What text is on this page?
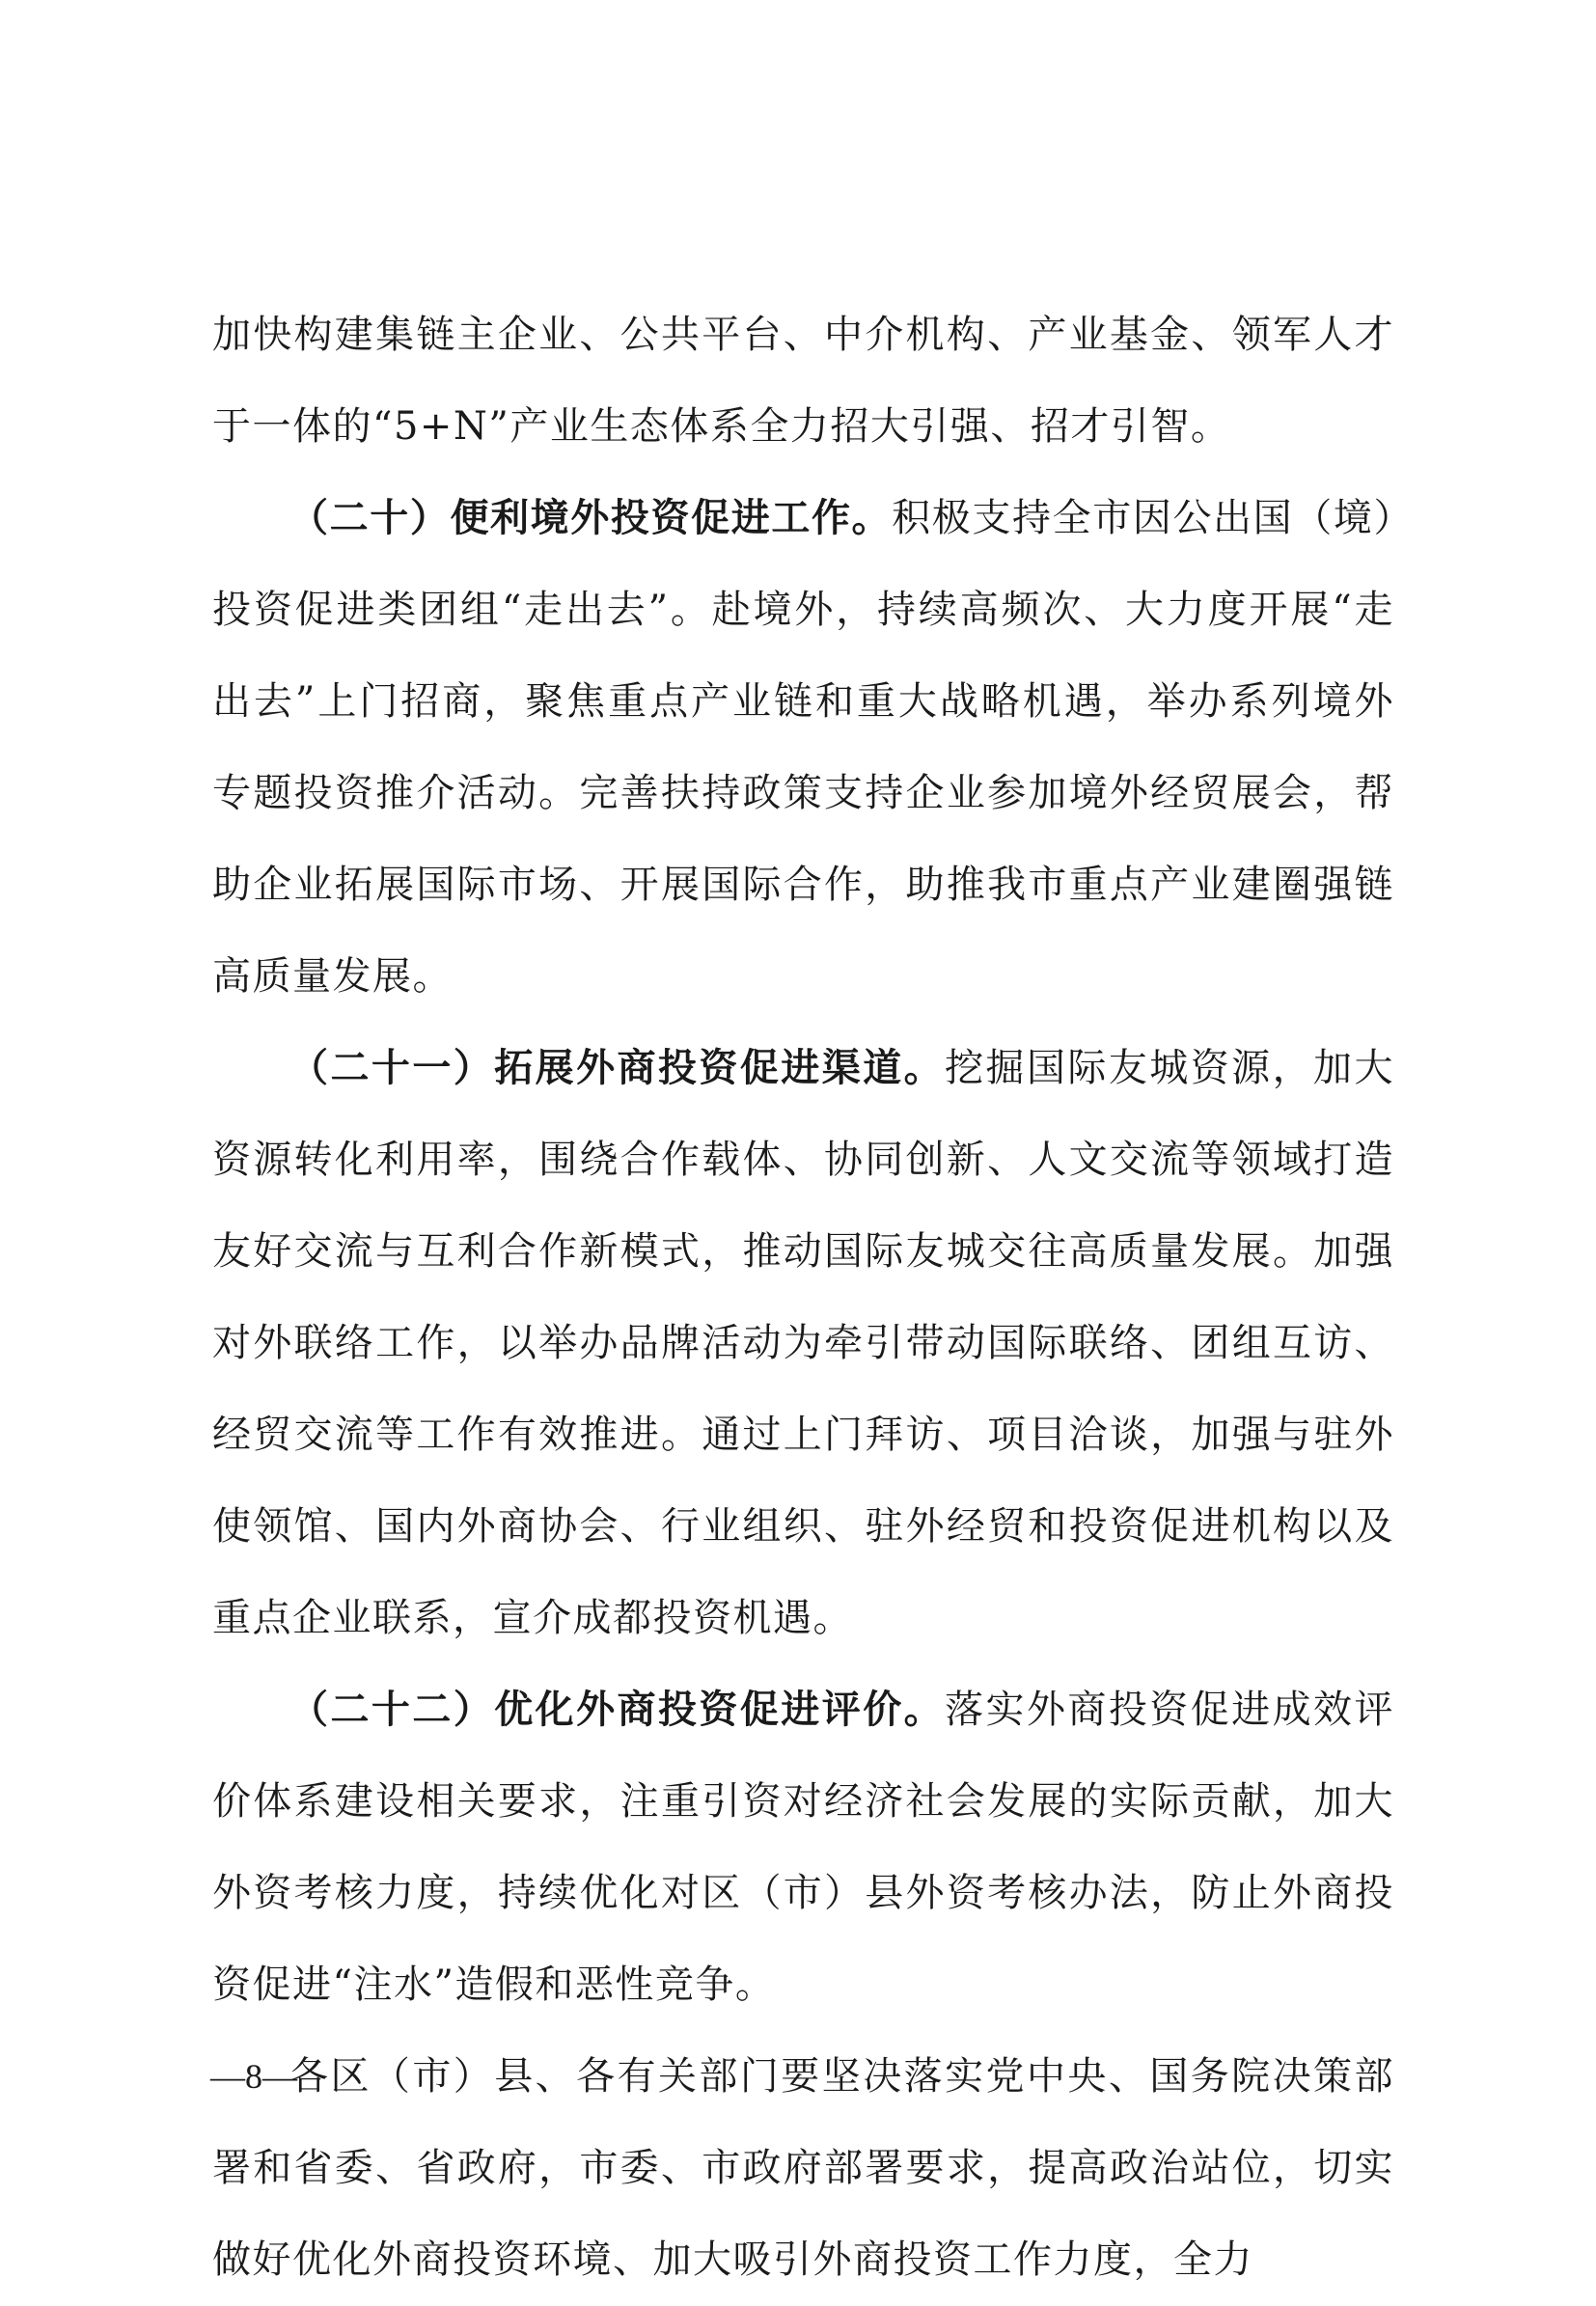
加快构建集链主企业、公共平台、中介机构、产业基金、领军人才于一体的“5+N”产业生态体系全力招大引强、招才引智。

（二十）便利境外投资促进工作。积极支持全市因公出国（境）投资促进类团组“走出去”。赴境外，持续高频次、大力度开展“走出去”上门招商，聚焦重点产业链和重大战略机遇，举办系列境外专题投资推介活动。完善扶持政策支持企业参加境外经贸展会，帮助企业拓展国际市场、开展国际合作，助推我市重点产业建圈强链高质量发展。

（二十一）拓展外商投资促进渠道。挖掘国际友城资源，加大资源转化利用率，围绕合作载体、协同创新、人文交流等领域打造友好交流与互利合作新模式，推动国际友城交往高质量发展。加强对外联络工作，以举办品牌活动为牵引带动国际联络、团组互访、经贸交流等工作有效推进。通过上门拜访、项目洽谈，加强与驻外使领馆、国内外商协会、行业组织、驻外经贸和投资促进机构以及重点企业联系，宣介成都投资机遇。

（二十二）优化外商投资促进评价。落实外商投资促进成效评价体系建设相关要求，注重引资对经济社会发展的实际贡献，加大外资考核力度，持续优化对区（市）县外资考核办法，防止外商投资促进“注水”造假和恶性竞争。

各区（市）县、各有关部门要坚决落实党中央、国务院决策部署和省委、省政府，市委、市政府部署要求，提高政治站位，切实做好优化外商投资环境、加大吸引外商投资工作力度，全力

—8—
